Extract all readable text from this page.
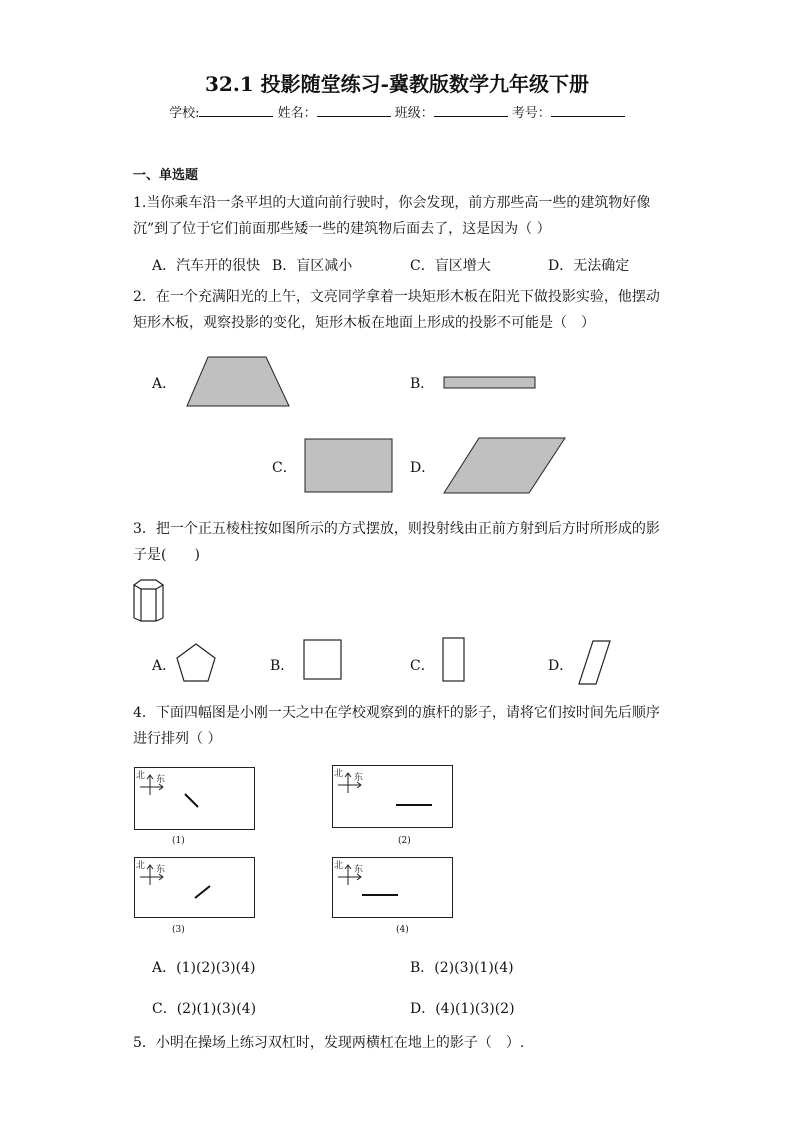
32.1 投影随堂练习-冀教版数学九年级下册
学校:	姓名：	班级：	考号：
一、单选题
1.当你乘车沿一条平坦的大道向前行驶时，你会发现，前方那些高一些的建筑物好像沉”到了位于它们前面那些矮一些的建筑物后面去了，这是因为（ ）
A．汽车开的很快 B．盲区减小	C．盲区增大	D．无法确定
2．在一个充满阳光的上午，文亮同学拿着一块矩形木板在阳光下做投影实验，他摆动矩形木板，观察投影的变化，矩形木板在地面上形成的投影不可能是（　）
A．	B．
C．	D．
3．把一个正五棱柱按如图所示的方式摆放，则投射线由正前方射到后方时所形成的影子是(　　)
A．	B．	C．	D．
4．下面四幅图是小刚一天之中在学校观察到的旗杆的影子，请将它们按时间先后顺序进行排列（ ）
北 东
(1)
北 东
(2)
北 东
(3)
北 东
(4)
A．(1)(2)(3)(4)	B．(2)(3)(1)(4)
C．(2)(1)(3)(4)	D．(4)(1)(3)(2)
5．小明在操场上练习双杠时，发现两横杠在地上的影子（　）.
